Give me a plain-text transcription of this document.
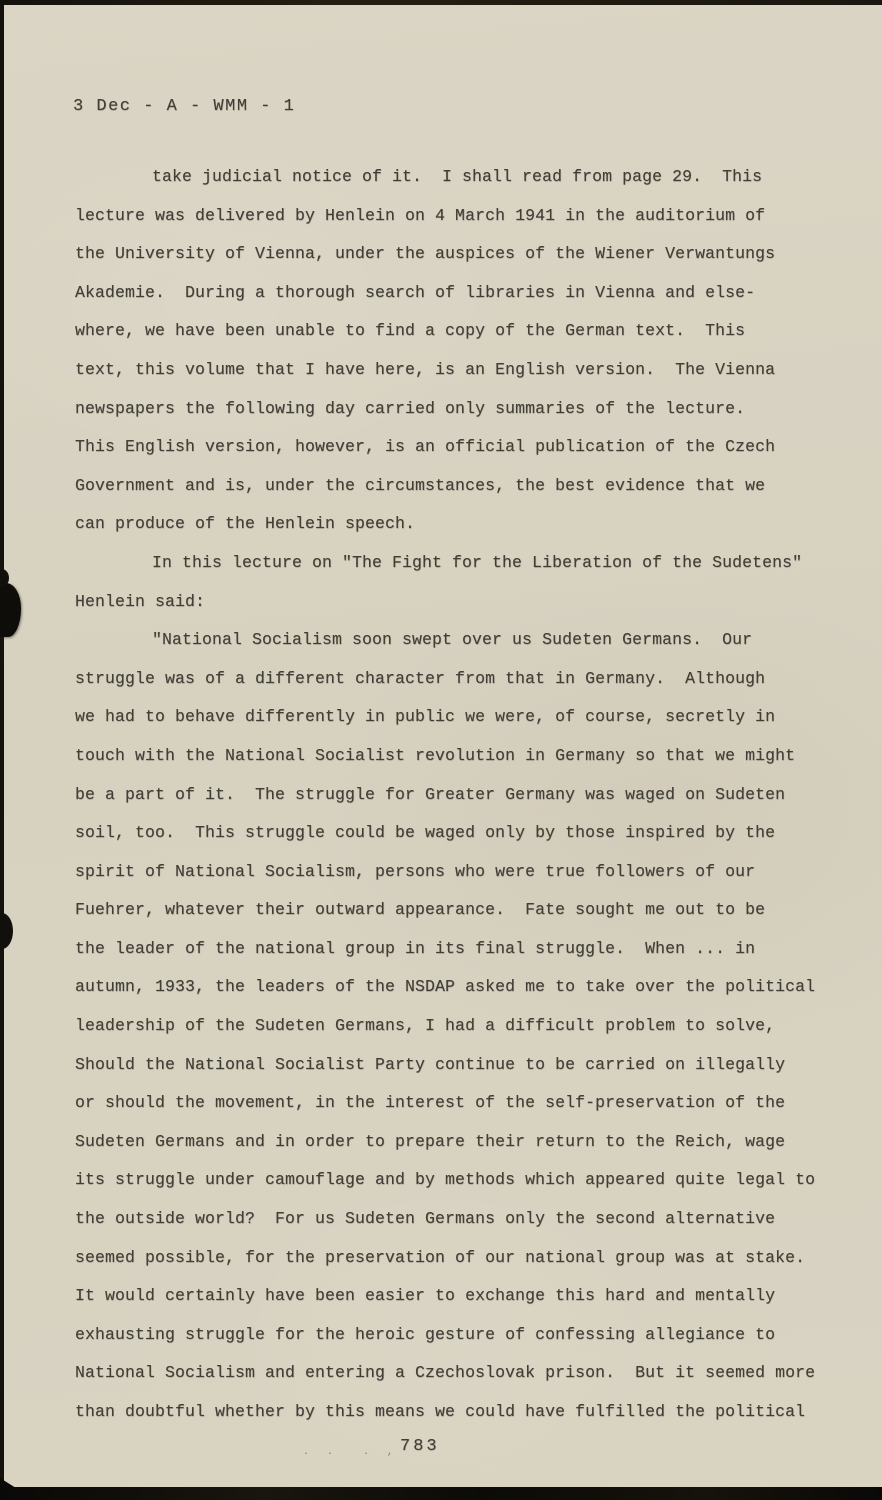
3 Dec - A - WMM - 1
take judicial notice of it.  I shall read from page 29.  This
lecture was delivered by Henlein on 4 March 1941 in the auditorium of
the University of Vienna, under the auspices of the Wiener Verwantungs
Akademie.  During a thorough search of libraries in Vienna and else-
where, we have been unable to find a copy of the German text.  This
text, this volume that I have here, is an English version.  The Vienna
newspapers the following day carried only summaries of the lecture.
This English version, however, is an official publication of the Czech
Government and is, under the circumstances, the best evidence that we
can produce of the Henlein speech.
In this lecture on "The Fight for the Liberation of the Sudetens"
Henlein said:
"National Socialism soon swept over us Sudeten Germans.  Our
struggle was of a different character from that in Germany.  Although
we had to behave differently in public we were, of course, secretly in
touch with the National Socialist revolution in Germany so that we might
be a part of it.  The struggle for Greater Germany was waged on Sudeten
soil, too.  This struggle could be waged only by those inspired by the
spirit of National Socialism, persons who were true followers of our
Fuehrer, whatever their outward appearance.  Fate sought me out to be
the leader of the national group in its final struggle.  When ... in
autumn, 1933, the leaders of the NSDAP asked me to take over the political
leadership of the Sudeten Germans, I had a difficult problem to solve,
Should the National Socialist Party continue to be carried on illegally
or should the movement, in the interest of the self-preservation of the
Sudeten Germans and in order to prepare their return to the Reich, wage
its struggle under camouflage and by methods which appeared quite legal to
the outside world?  For us Sudeten Germans only the second alternative
seemed possible, for the preservation of our national group was at stake.
It would certainly have been easier to exchange this hard and mentally
exhausting struggle for the heroic gesture of confessing allegiance to
National Socialism and entering a Czechoslovak prison.  But it seemed more
than doubtful whether by this means we could have fulfilled the political
783
. .  . ,
